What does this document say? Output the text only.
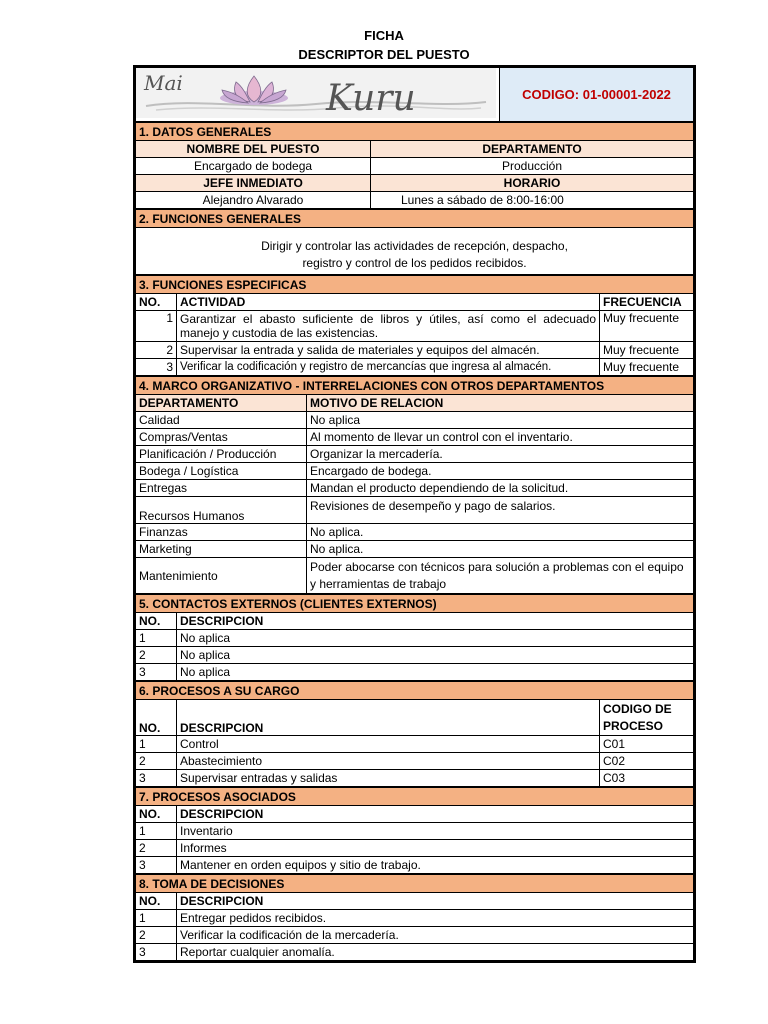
FICHA
DESCRIPTOR DEL PUESTO
Mai	Kuru	CODIGO: 01-00001-2022
1. DATOS GENERALES	
NOMBRE DEL PUESTO	DEPARTAMENTO
Encargado de bodega	Producción
JEFE INMEDIATO	HORARIO
Alejandro Alvarado	Lunes a sábado de 8:00-16:00
2. FUNCIONES GENERALES

Dirigir y controlar las actividades de recepción, despacho,
registro y control de los pedidos recibidos.
3. FUNCIONES ESPECIFICAS		
NO.	ACTIVIDAD	FRECUENCIA
1	Garantizar el abasto suficiente de libros y útiles, así como el adecuado manejo y custodia de las existencias.	Muy frecuente
2	Supervisar la entrada y salida de materiales y equipos del almacén.	Muy frecuente
3	Verificar la codificación y registro de mercancías que ingresa al almacén.	Muy frecuente
4. MARCO ORGANIZATIVO - INTERRELACIONES CON OTROS DEPARTAMENTOS	
DEPARTAMENTO	MOTIVO DE RELACION
Calidad	No aplica
Compras/Ventas	Al momento de llevar un control con el inventario.
Planificación / Producción	Organizar la mercadería.
Bodega / Logística	Encargado de bodega.
Entregas	Mandan el producto dependiendo de la solicitud.
Recursos Humanos	Revisiones de desempeño y pago de salarios.
Finanzas	No aplica.
Marketing	No aplica.
Mantenimiento	Poder abocarse con técnicos para solución a problemas con el equipo y herramientas de trabajo
5. CONTACTOS EXTERNOS (CLIENTES EXTERNOS)	
NO.	DESCRIPCION
1	No aplica
2	No aplica
3	No aplica
6. PROCESOS A SU CARGO		
NO.	DESCRIPCION	CODIGO DE PROCESO
1	Control	C01
2	Abastecimiento	C02
3	Supervisar entradas y salidas	C03
7. PROCESOS ASOCIADOS	
NO.	DESCRIPCION
1	Inventario
2	Informes
3	Mantener en orden equipos y sitio de trabajo.
8. TOMA DE DECISIONES	
NO.	DESCRIPCION
1	Entregar pedidos recibidos.
2	Verificar la codificación de la mercadería.
3	Reportar cualquier anomalía.
